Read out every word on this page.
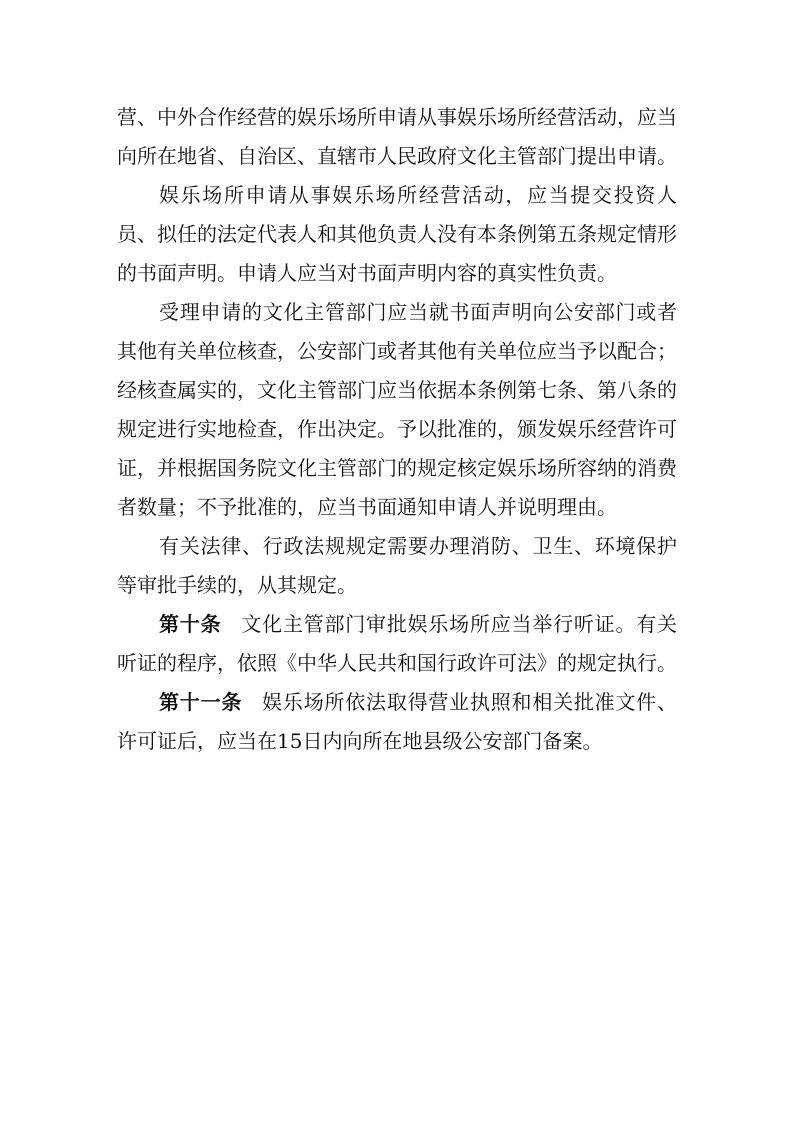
营、中外合作经营的娱乐场所申请从事娱乐场所经营活动，应当向所在地省、自治区、直辖市人民政府文化主管部门提出申请。

娱乐场所申请从事娱乐场所经营活动，应当提交投资人员、拟任的法定代表人和其他负责人没有本条例第五条规定情形的书面声明。申请人应当对书面声明内容的真实性负责。

受理申请的文化主管部门应当就书面声明向公安部门或者其他有关单位核查，公安部门或者其他有关单位应当予以配合；经核查属实的，文化主管部门应当依据本条例第七条、第八条的规定进行实地检查，作出决定。予以批准的，颁发娱乐经营许可证，并根据国务院文化主管部门的规定核定娱乐场所容纳的消费者数量；不予批准的，应当书面通知申请人并说明理由。

有关法律、行政法规规定需要办理消防、卫生、环境保护等审批手续的，从其规定。

第十条 文化主管部门审批娱乐场所应当举行听证。有关听证的程序，依照《中华人民共和国行政许可法》的规定执行。

第十一条 娱乐场所依法取得营业执照和相关批准文件、许可证后，应当在15日内向所在地县级公安部门备案。
